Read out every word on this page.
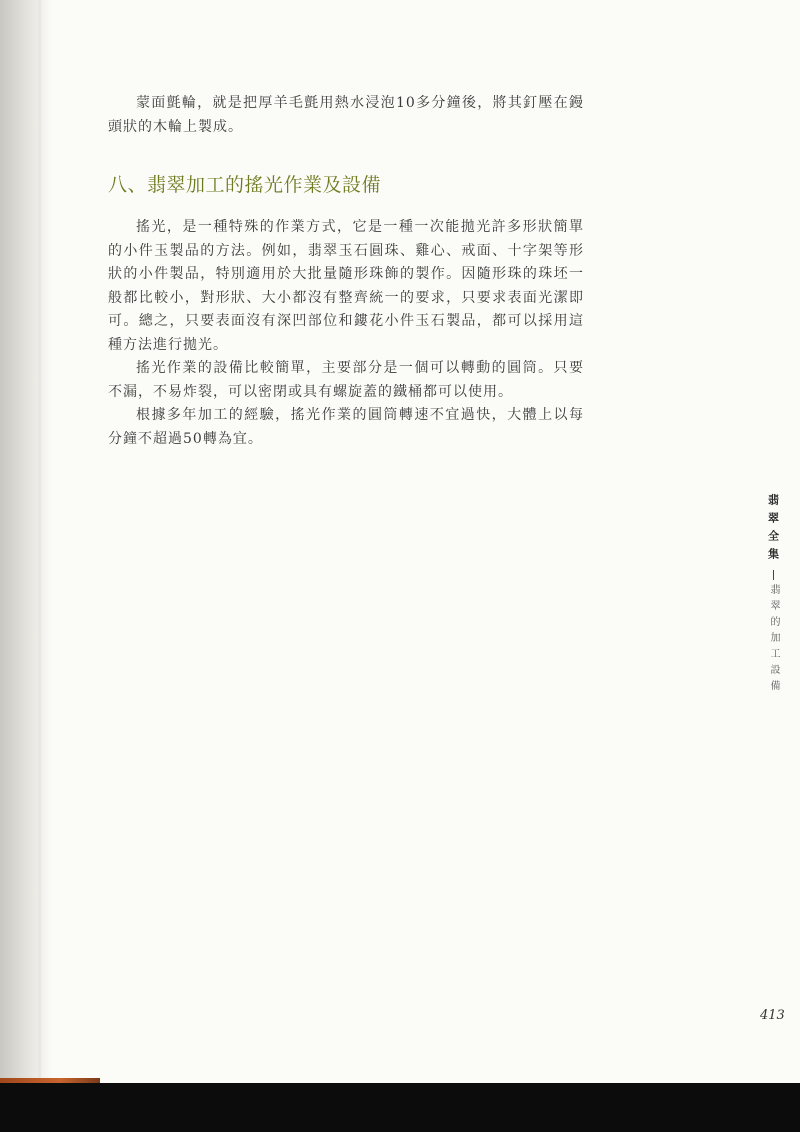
蒙面氈輪，就是把厚羊毛氈用熱水浸泡10多分鐘後，將其釘壓在鏝頭狀的木輪上製成。

八、翡翠加工的搖光作業及設備

搖光，是一種特殊的作業方式，它是一種一次能拋光許多形狀簡單的小件玉製品的方法。例如，翡翠玉石圓珠、雞心、戒面、十字架等形狀的小件製品，特別適用於大批量隨形珠飾的製作。因隨形珠的珠坯一般都比較小，對形狀、大小都沒有整齊統一的要求，只要求表面光潔即可。總之，只要表面沒有深凹部位和鏤花小件玉石製品，都可以採用這種方法進行拋光。

搖光作業的設備比較簡單，主要部分是一個可以轉動的圓筒。只要不漏，不易炸裂，可以密閉或具有螺旋蓋的鐵桶都可以使用。

根據多年加工的經驗，搖光作業的圓筒轉速不宜過快，大體上以每分鐘不超過50轉為宜。

翡翠全集
翡翠的加工設備
413
